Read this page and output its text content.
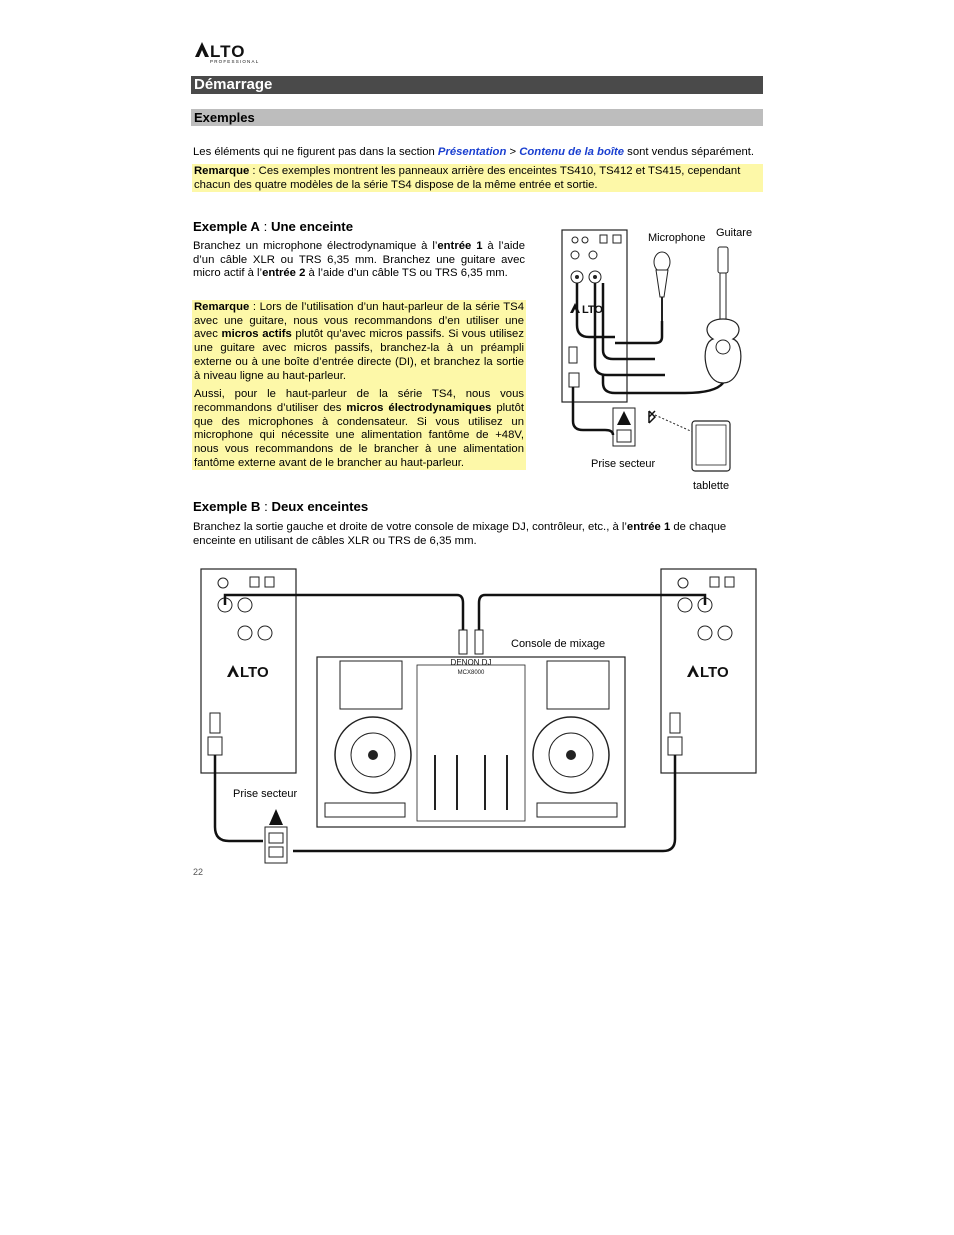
LTO
PROFESSIONAL
Démarrage
Exemples
Les éléments qui ne figurent pas dans la section Présentation > Contenu de la boîte sont vendus séparément.
Remarque : Ces exemples montrent les panneaux arrière des enceintes TS410, TS412 et TS415, cependant chacun des quatre modèles de la série TS4 dispose de la même entrée et sortie.
Exemple A : Une enceinte
Branchez un microphone électrodynamique à l’entrée 1 à l’aide d’un câble XLR ou TRS 6,35 mm. Branchez une guitare avec micro actif à l’entrée 2 à l’aide d’un câble TS ou TRS 6,35 mm.

Remarque : Lors de l’utilisation d’un haut-parleur de la série TS4 avec une guitare, nous vous recommandons d’en utiliser une avec micros actifs plutôt qu’avec micros passifs. Si vous utilisez une guitare avec micros passifs, branchez-la à un préampli externe ou à une boîte d’entrée directe (DI), et branchez la sortie à niveau ligne au haut-parleur.

Aussi, pour le haut-parleur de la série TS4, nous vous recommandons d’utiliser des micros électrodynamiques plutôt que des microphones à condensateur. Si vous utilisez un microphone qui nécessite une alimentation fantôme de +48V, nous vous recommandons de le brancher à une alimentation fantôme externe avant de le brancher au haut-parleur.

LTO
Microphone Guitare
Prise secteur
tablette
Exemple B : Deux enceintes
Branchez la sortie gauche et droite de votre console de mixage DJ, contrôleur, etc., à l’entrée 1 de chaque enceinte en utilisant de câbles XLR ou TRS de 6,35 mm.
LTO	LTO
DENON DJ
MCX8000
Console de mixage
Prise secteur
22
